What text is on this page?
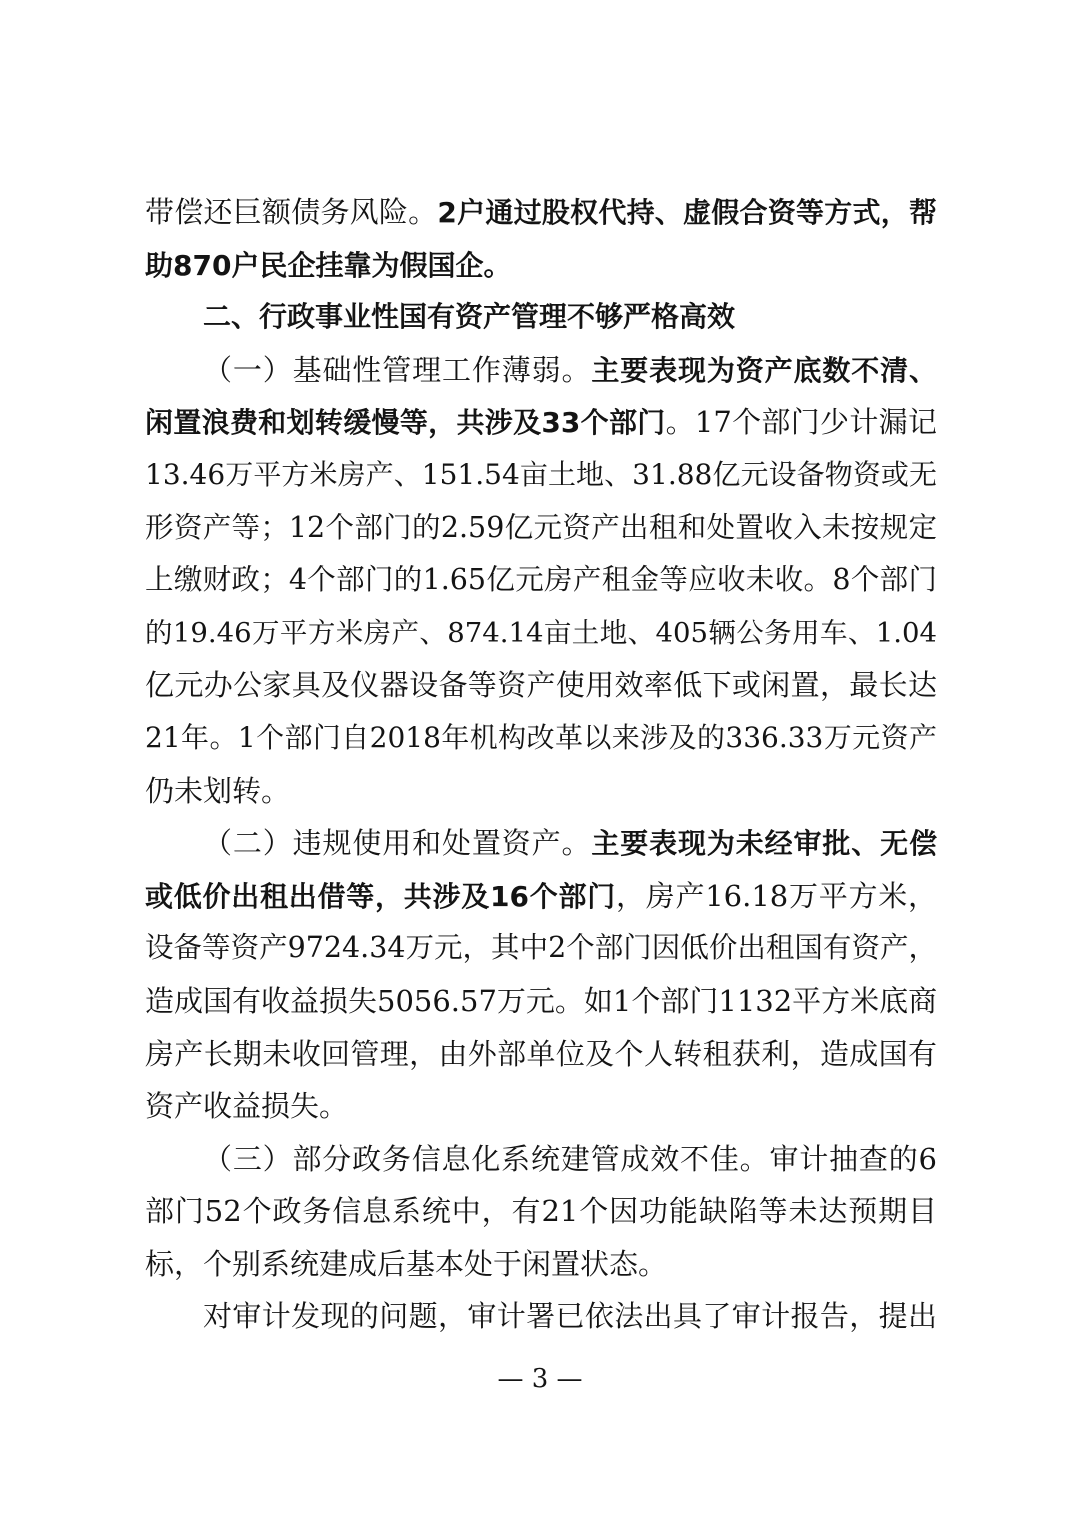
带偿还巨额债务风险。2户通过股权代持、虚假合资等方式，帮
助870户民企挂靠为假国企。
二、行政事业性国有资产管理不够严格高效
（一）基础性管理工作薄弱。主要表现为资产底数不清、
闲置浪费和划转缓慢等，共涉及33个部门。17个部门少计漏记
13.46万平方米房产、151.54亩土地、31.88亿元设备物资或无
形资产等；12个部门的2.59亿元资产出租和处置收入未按规定
上缴财政；4个部门的1.65亿元房产租金等应收未收。8个部门
的19.46万平方米房产、874.14亩土地、405辆公务用车、1.04
亿元办公家具及仪器设备等资产使用效率低下或闲置，最长达
21年。1个部门自2018年机构改革以来涉及的336.33万元资产
仍未划转。
（二）违规使用和处置资产。主要表现为未经审批、无偿
或低价出租出借等，共涉及16个部门，房产16.18万平方米，
设备等资产9724.34万元，其中2个部门因低价出租国有资产，
造成国有收益损失5056.57万元。如1个部门1132平方米底商
房产长期未收回管理，由外部单位及个人转租获利，造成国有
资产收益损失。
（三）部分政务信息化系统建管成效不佳。审计抽查的6
部门52个政务信息系统中，有21个因功能缺陷等未达预期目
标，个别系统建成后基本处于闲置状态。
对审计发现的问题，审计署已依法出具了审计报告，提出
— 3 —
